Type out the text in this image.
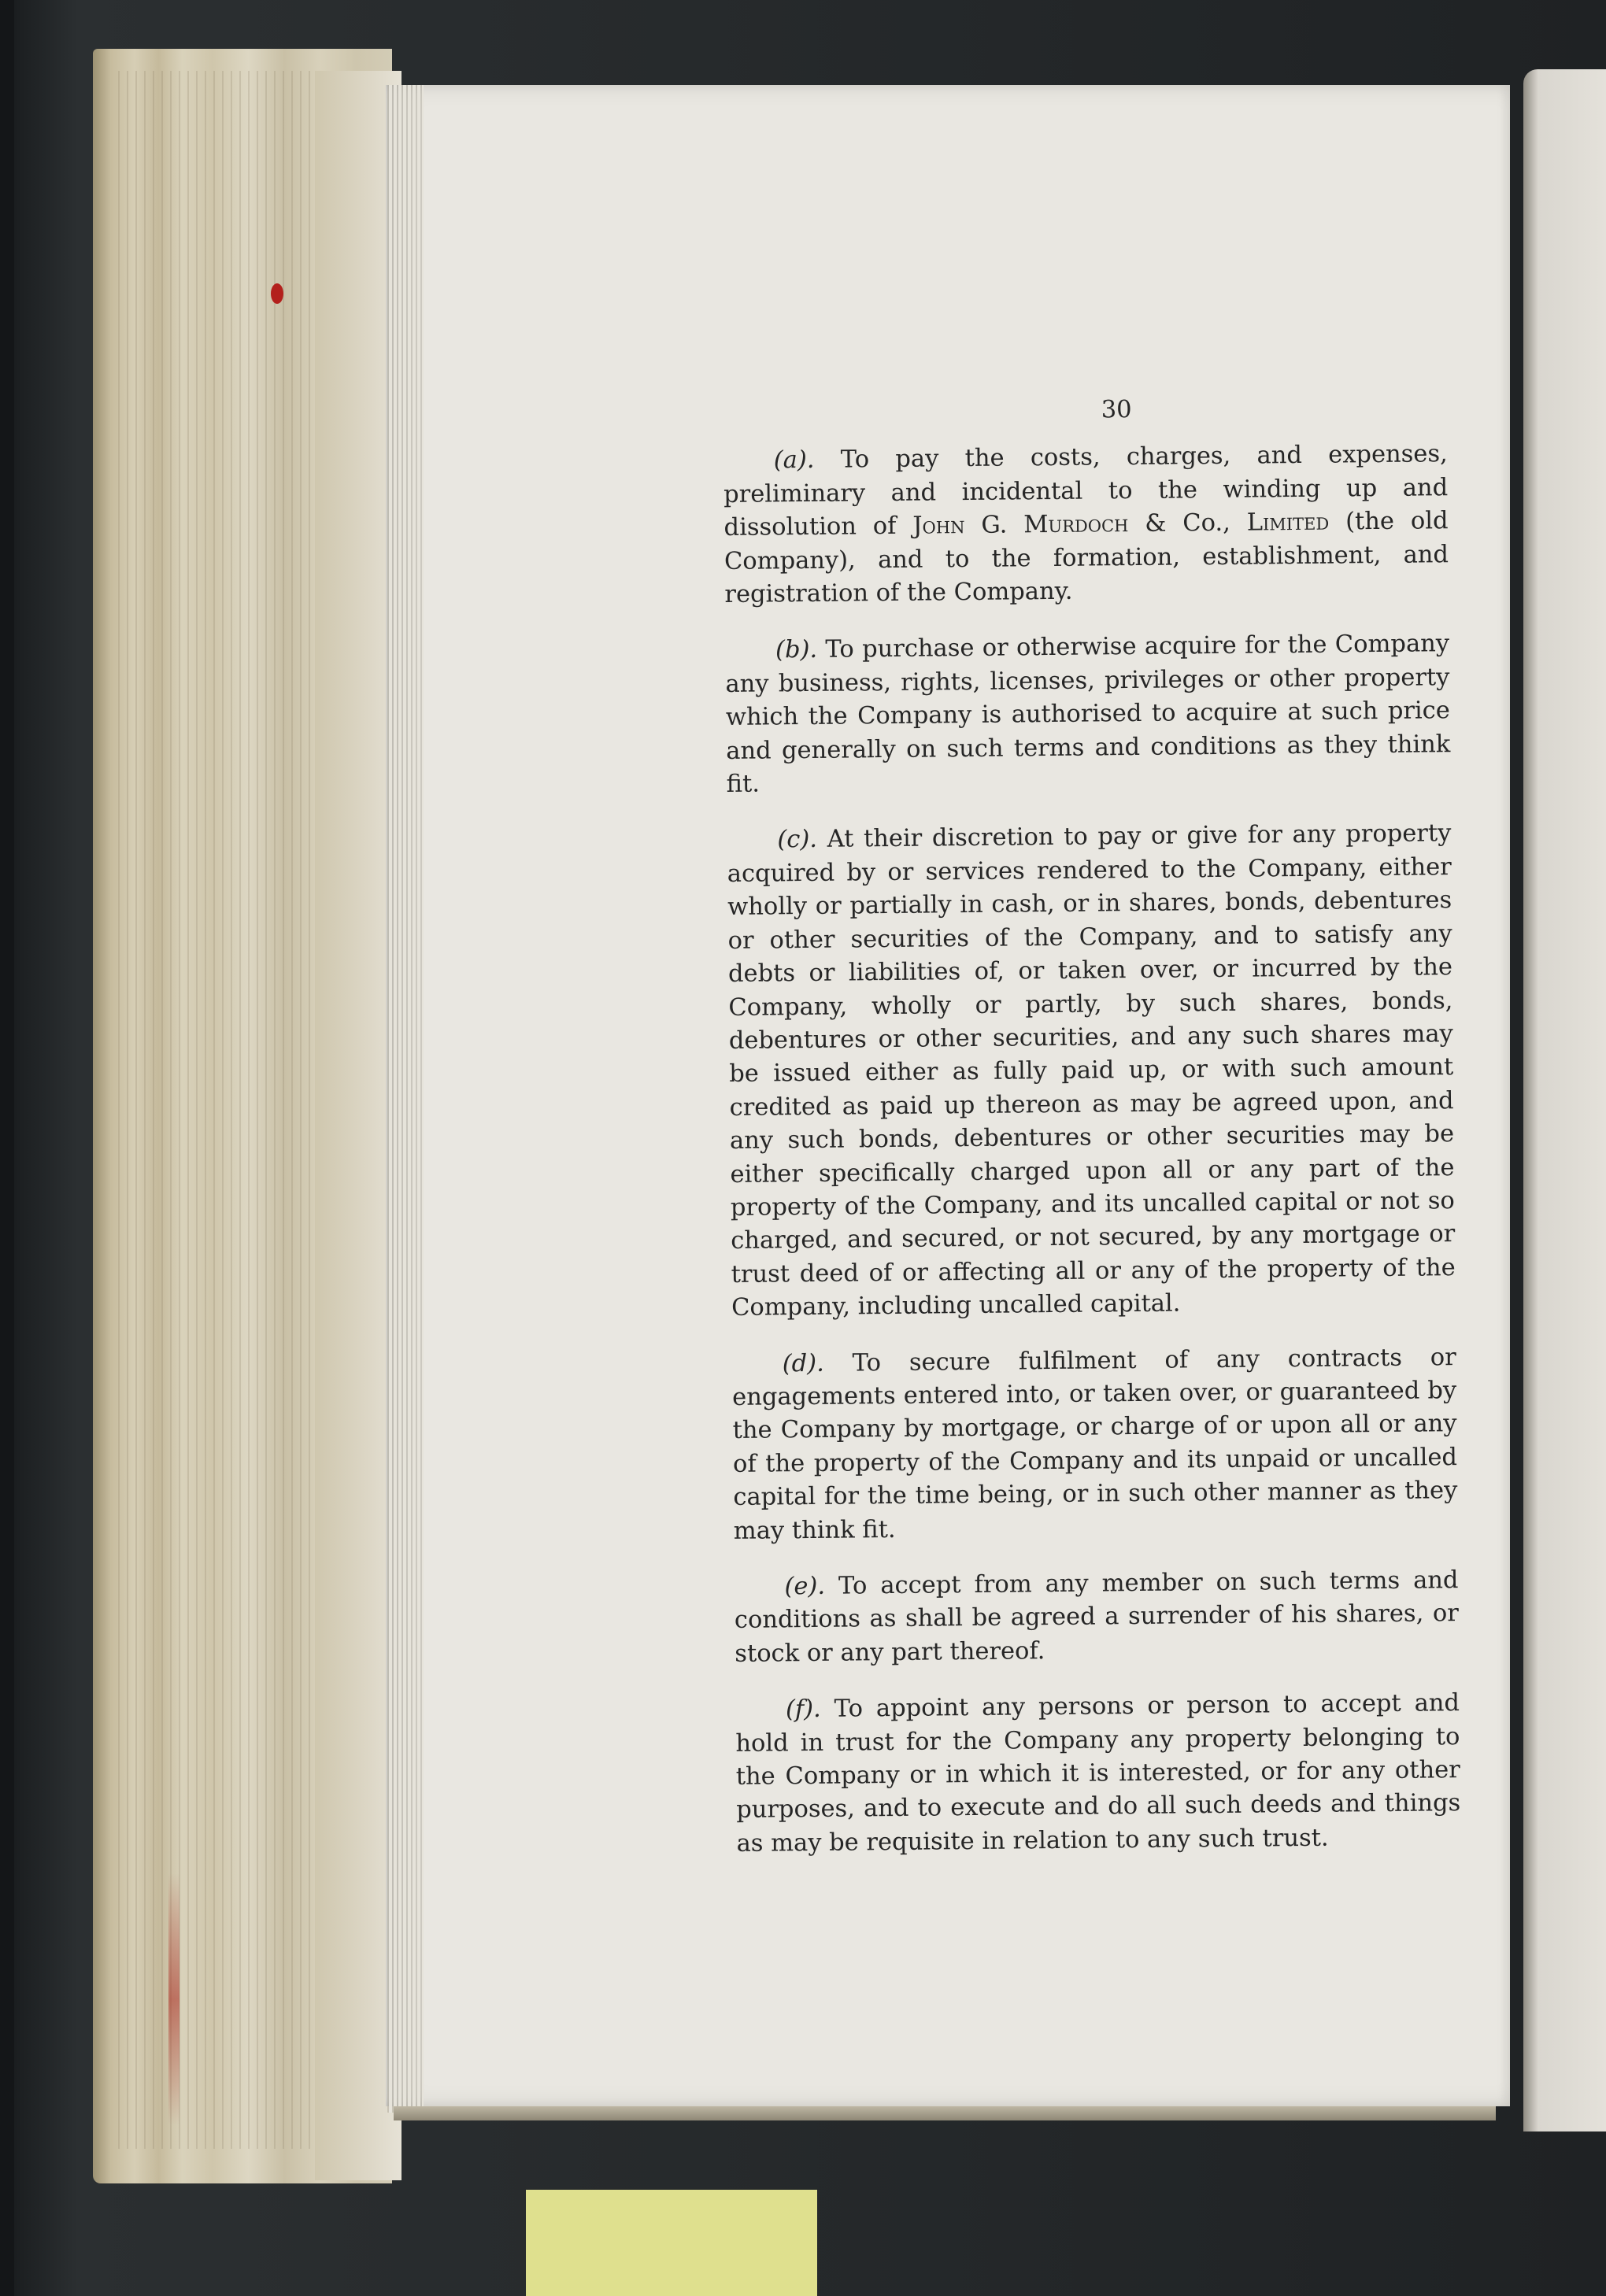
30

(a). To pay the costs, charges, and expenses, preliminary and incidental to the winding up and dissolution of John G. Murdoch & Co., Limited (the old Company), and to the formation, establishment, and registration of the Company.

(b). To purchase or otherwise acquire for the Company any business, rights, licenses, privileges or other property which the Company is authorised to acquire at such price and generally on such terms and conditions as they think fit.

(c). At their discretion to pay or give for any property acquired by or services rendered to the Company, either wholly or partially in cash, or in shares, bonds, debentures or other securities of the Company, and to satisfy any debts or liabilities of, or taken over, or incurred by the Company, wholly or partly, by such shares, bonds, debentures or other securities, and any such shares may be issued either as fully paid up, or with such amount credited as paid up thereon as may be agreed upon, and any such bonds, debentures or other securities may be either specifically charged upon all or any part of the property of the Company, and its uncalled capital or not so charged, and secured, or not secured, by any mortgage or trust deed of or affecting all or any of the property of the Company, including uncalled capital.

(d). To secure fulfilment of any contracts or engagements entered into, or taken over, or guaranteed by the Company by mortgage, or charge of or upon all or any of the property of the Company and its unpaid or uncalled capital for the time being, or in such other manner as they may think fit.

(e). To accept from any member on such terms and conditions as shall be agreed a surrender of his shares, or stock or any part thereof.

(f). To appoint any persons or person to accept and hold in trust for the Company any property belonging to the Company or in which it is interested, or for any other purposes, and to execute and do all such deeds and things as may be requisite in relation to any such trust.
